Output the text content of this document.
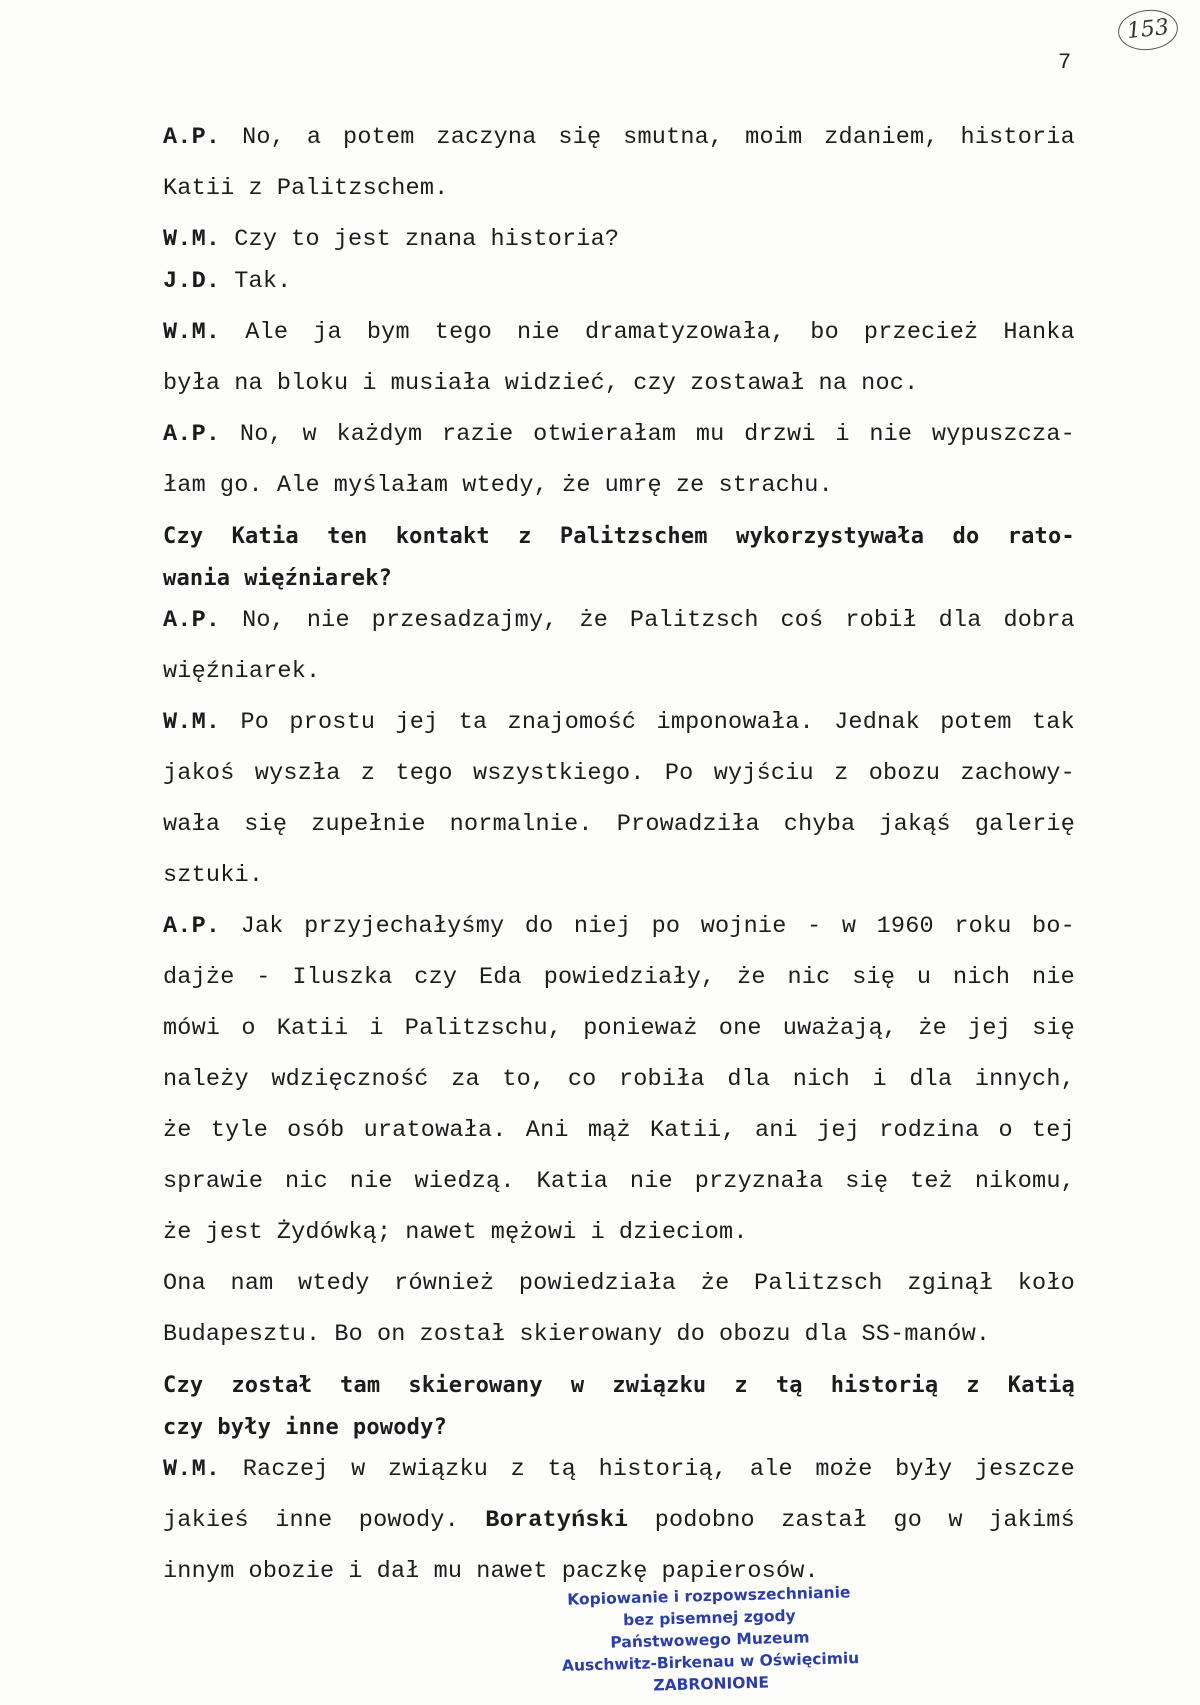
153
7
A.P. No, a potem zaczyna się smutna, moim zdaniem, historia
Katii z Palitzschem.
W.M. Czy to jest znana historia?
J.D. Tak.
W.M. Ale ja bym tego nie dramatyzowała, bo przecież Hanka
była na bloku i musiała widzieć, czy zostawał na noc.
A.P. No, w każdym razie otwierałam mu drzwi i nie wypuszcza-
łam go. Ale myślałam wtedy, że umrę ze strachu.
Czy Katia ten kontakt z Palitzschem wykorzystywała do rato-
wania więźniarek?
A.P. No, nie przesadzajmy, że Palitzsch coś robił dla dobra
więźniarek.
W.M. Po prostu jej ta znajomość imponowała. Jednak potem tak
jakoś wyszła z tego wszystkiego. Po wyjściu z obozu zachowy-
wała się zupełnie normalnie. Prowadziła chyba jakąś galerię
sztuki.
A.P. Jak przyjechałyśmy do niej po wojnie - w 1960 roku bo-
dajże - Iluszka czy Eda powiedziały, że nic się u nich nie
mówi o Katii i Palitzschu, ponieważ one uważają, że jej się
należy wdzięczność za to, co robiła dla nich i dla innych,
że tyle osób uratowała. Ani mąż Katii, ani jej rodzina o tej
sprawie nic nie wiedzą. Katia nie przyznała się też nikomu,
że jest Żydówką; nawet mężowi i dzieciom.
Ona nam wtedy również powiedziała że Palitzsch zginął koło
Budapesztu. Bo on został skierowany do obozu dla SS-manów.
Czy został tam skierowany w związku z tą historią z Katią
czy były inne powody?
W.M. Raczej w związku z tą historią, ale może były jeszcze
jakieś inne powody. Boratyński podobno zastał go w jakimś
innym obozie i dał mu nawet paczkę papierosów.
Kopiowanie i rozpowszechnianie
bez pisemnej zgody
Państwowego Muzeum
Auschwitz-Birkenau w Oświęcimiu
ZABRONIONE
